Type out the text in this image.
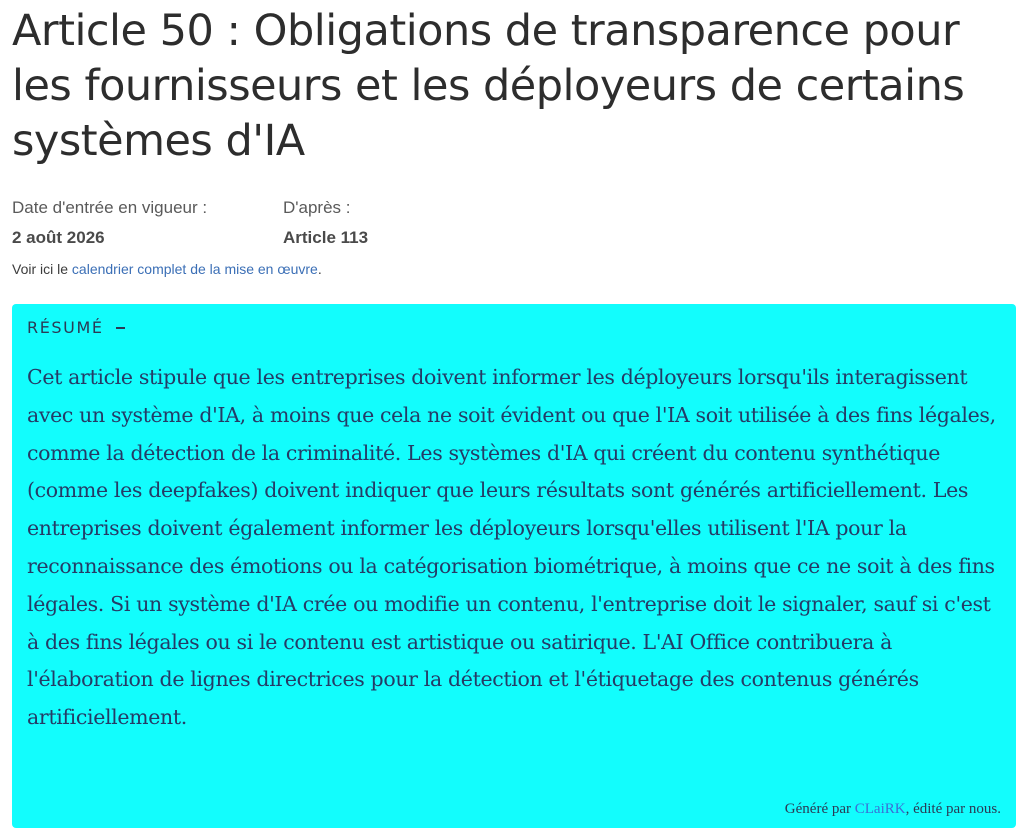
Article 50 : Obligations de transparence pour les fournisseurs et les déployeurs de certains systèmes d'IA
Date d'entrée en vigueur :
2 août 2026
D'après :
Article 113
Voir ici le calendrier complet de la mise en œuvre.
RÉSUMÉ

Cet article stipule que les entreprises doivent informer les déployeurs lorsqu'ils interagissent avec un système d'IA, à moins que cela ne soit évident ou que l'IA soit utilisée à des fins légales, comme la détection de la criminalité. Les systèmes d'IA qui créent du contenu synthétique (comme les deepfakes) doivent indiquer que leurs résultats sont générés artificiellement. Les entreprises doivent également informer les déployeurs lorsqu'elles utilisent l'IA pour la reconnaissance des émotions ou la catégorisation biométrique, à moins que ce ne soit à des fins légales. Si un système d'IA crée ou modifie un contenu, l'entreprise doit le signaler, sauf si c'est à des fins légales ou si le contenu est artistique ou satirique. L'AI Office contribuera à l'élaboration de lignes directrices pour la détection et l'étiquetage des contenus générés artificiellement.

Généré par CLaiRK, édité par nous.
